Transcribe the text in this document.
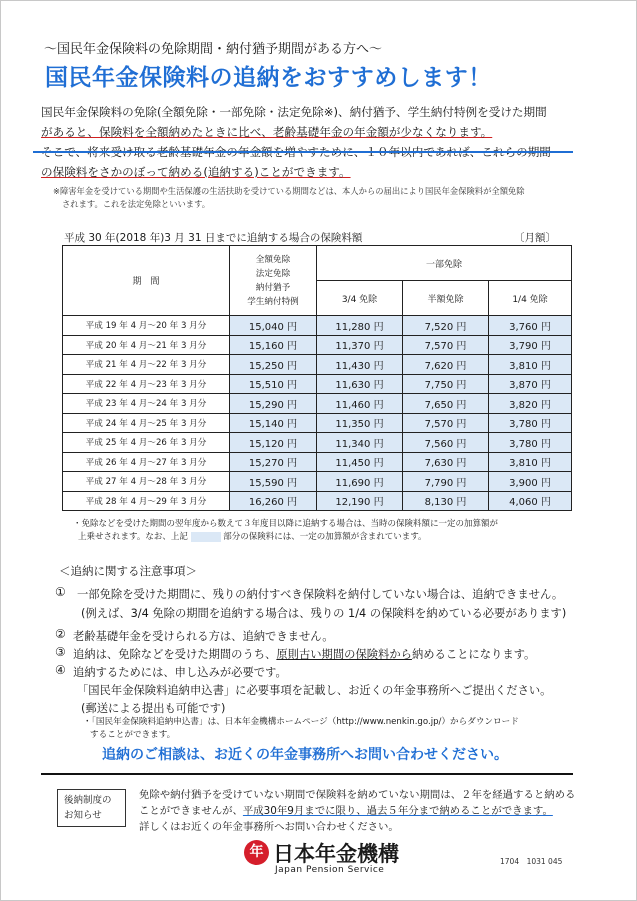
～国民年金保険料の免除期間・納付猶予期間がある方へ～
国民年金保険料の追納をおすすめします！
国民年金保険料の免除(全額免除・一部免除・法定免除※)、納付猶予、学生納付特例を受けた期間
があると、保険料を全額納めたときに比べ、老齢基礎年金の年金額が少なくなります。
の保険料をさかのぼって納める(追納する)ことができます。
※障害年金を受けている期間や生活保護の生活扶助を受けている期間などは、本人からの届出により国民年金保険料が全額免除
されます。これを法定免除といいます。
平成 30 年(2018 年)3 月 31 日までに追納する場合の保険料額	〔月額〕
期　間	全額免除
法定免除
納付猶予
学生納付特例	一部免除		
		3/4 免除	半額免除	1/4 免除
平成 19 年 4 月～20 年 3 月分	15,040 円	11,280 円	7,520 円	3,760 円
平成 20 年 4 月～21 年 3 月分	15,160 円	11,370 円	7,570 円	3,790 円
平成 21 年 4 月～22 年 3 月分	15,250 円	11,430 円	7,620 円	3,810 円
平成 22 年 4 月～23 年 3 月分	15,510 円	11,630 円	7,750 円	3,870 円
平成 23 年 4 月～24 年 3 月分	15,290 円	11,460 円	7,650 円	3,820 円
平成 24 年 4 月～25 年 3 月分	15,140 円	11,350 円	7,570 円	3,780 円
平成 25 年 4 月～26 年 3 月分	15,120 円	11,340 円	7,560 円	3,780 円
平成 26 年 4 月～27 年 3 月分	15,270 円	11,450 円	7,630 円	3,810 円
平成 27 年 4 月～28 年 3 月分	15,590 円	11,690 円	7,790 円	3,900 円
平成 28 年 4 月～29 年 3 月分	16,260 円	12,190 円	8,130 円	4,060 円
・免除などを受けた期間の翌年度から数えて３年度目以降に追納する場合は、当時の保険料額に一定の加算額が
上乗せされます。なお、上記	部分の保険料には、一定の加算額が含まれています。
＜追納に関する注意事項＞
① 一部免除を受けた期間に、残りの納付すべき保険料を納付していない場合は、追納できません。
(例えば、3/4 免除の期間を追納する場合は、残りの 1/4 の保険料を納めている必要があります)
② 老齢基礎年金を受けられる方は、追納できません。
③ 追納は、免除などを受けた期間のうち、原則古い期間の保険料から納めることになります。
④ 追納するためには、申し込みが必要です。
「国民年金保険料追納申込書」に必要事項を記載し、お近くの年金事務所へご提出ください。
(郵送による提出も可能です)
・「国民年金保険料追納申込書」は、日本年金機構ホームページ（http://www.nenkin.go.jp/）からダウンロード
することができます。
追納のご相談は、お近くの年金事務所へお問い合わせください。
後納制度の
お知らせ
免除や納付猶予を受けていない期間で保険料を納めていない期間は、２年を経過すると納める
ことができませんが、平成30年9月までに限り、過去５年分まで納めることができます。
詳しくはお近くの年金事務所へお問い合わせください。
年 日本年金機構
Japan Pension Service
1704　1031 045
